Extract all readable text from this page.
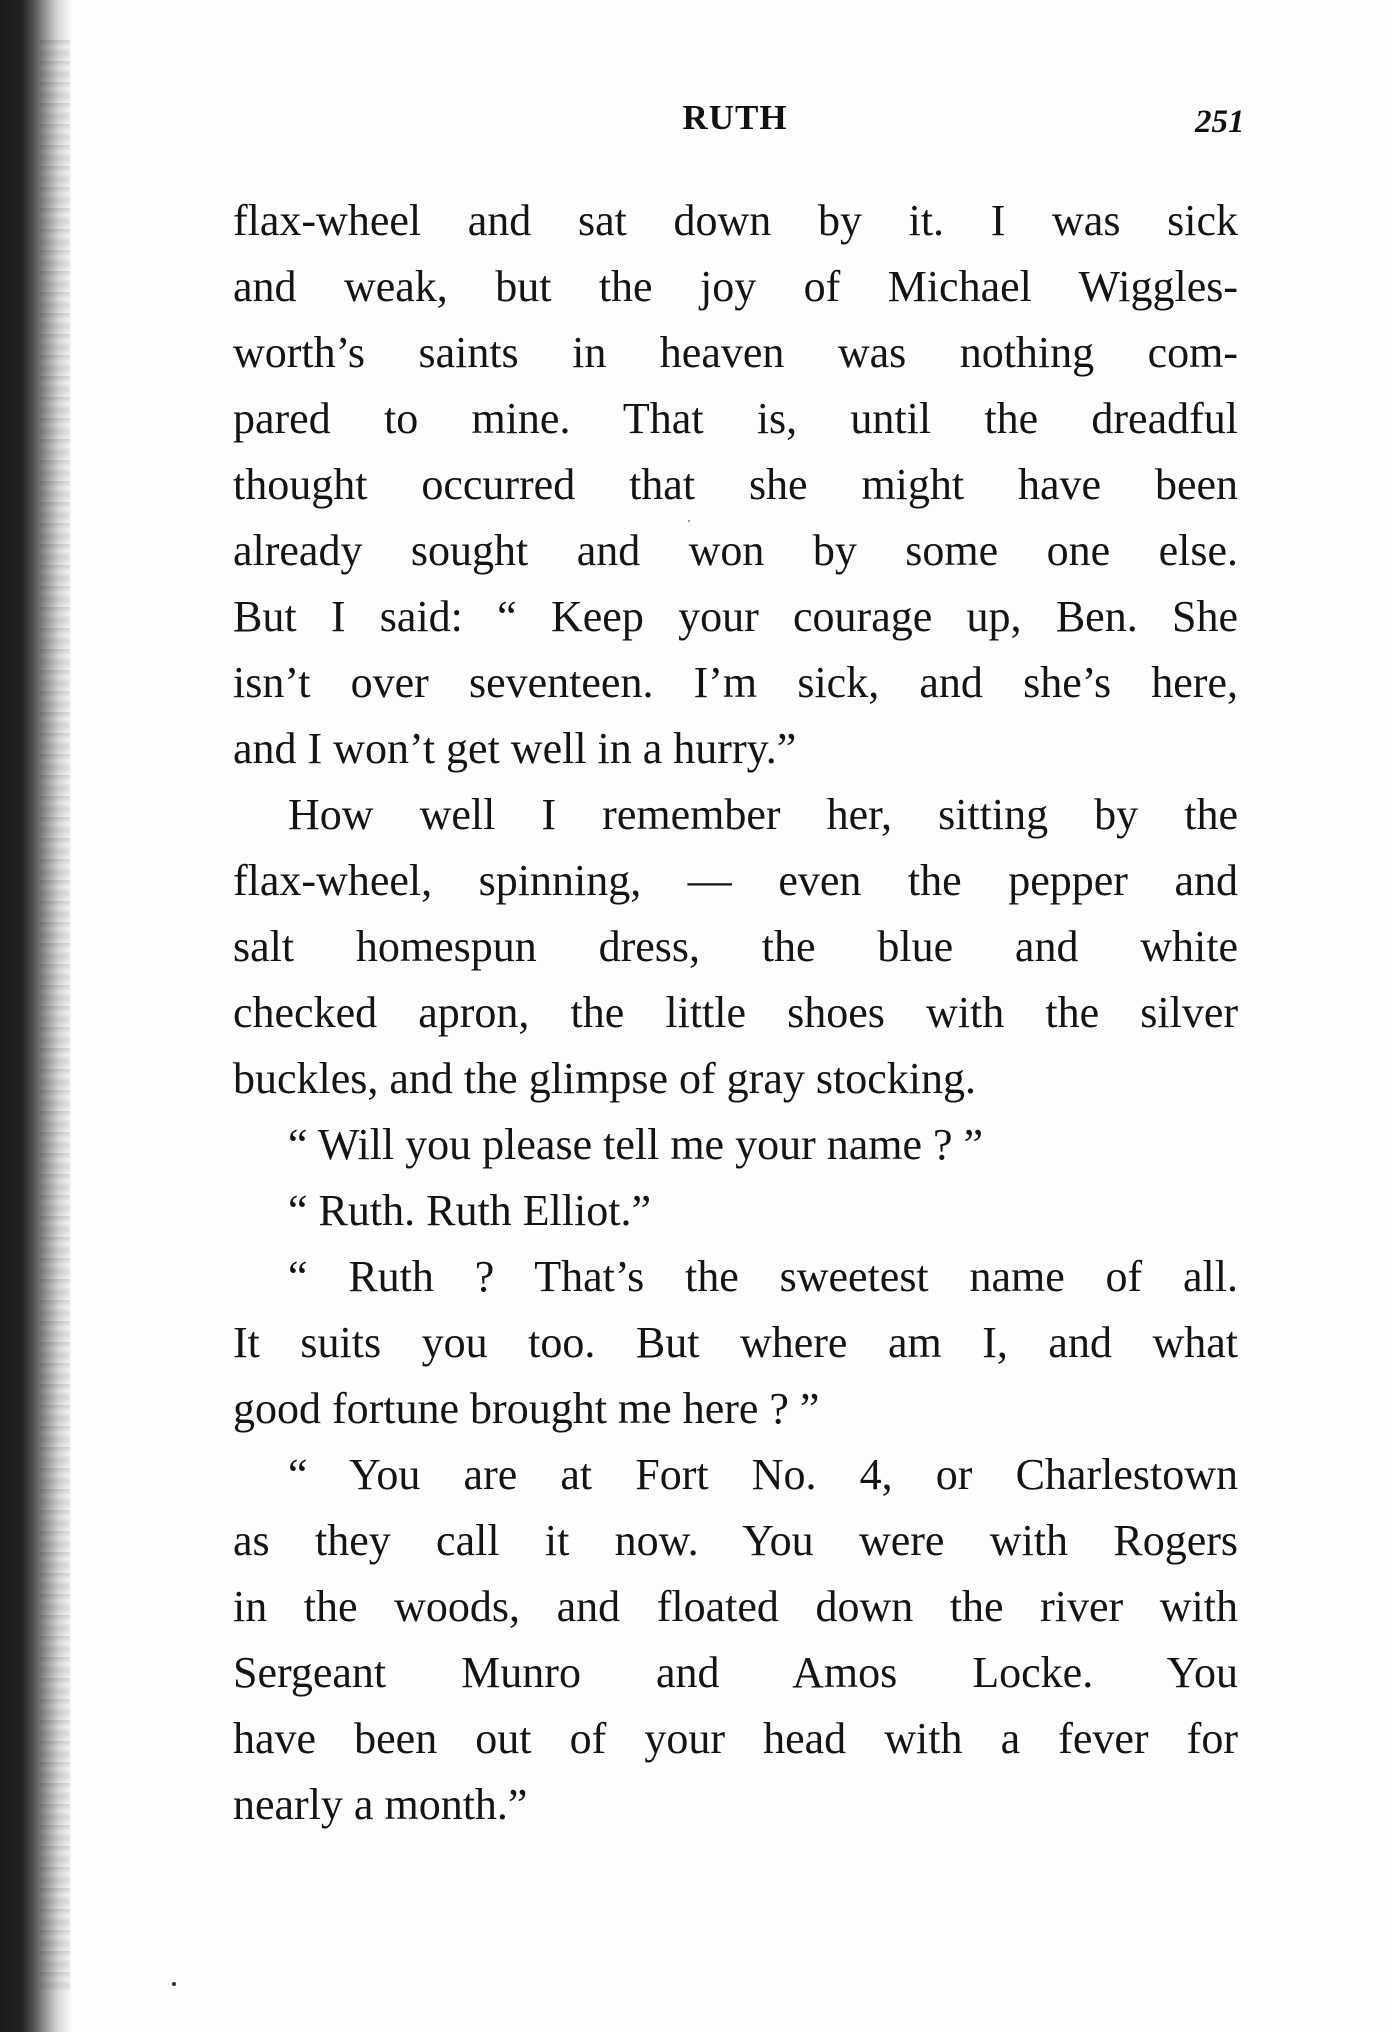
RUTH	251
flax-wheel and sat down by it. I was sick
and weak, but the joy of Michael Wiggles-
worth’s saints in heaven was nothing com-
pared to mine. That is, until the dreadful
thought occurred that she might have been
already sought and won by some one else.
But I said: “ Keep your courage up, Ben. She
isn’t over seventeen. I’m sick, and she’s here,
and I won’t get well in a hurry.”
How well I remember her, sitting by the
flax-wheel, spinning, — even the pepper and
salt homespun dress, the blue and white
checked apron, the little shoes with the silver
buckles, and the glimpse of gray stocking.
“ Will you please tell me your name ? ”
“ Ruth. Ruth Elliot.”
“ Ruth ? That’s the sweetest name of all.
It suits you too. But where am I, and what
good fortune brought me here ? ”
“ You are at Fort No. 4, or Charlestown
as they call it now. You were with Rogers
in the woods, and floated down the river with
Sergeant Munro and Amos Locke. You
have been out of your head with a fever for
nearly a month.”
